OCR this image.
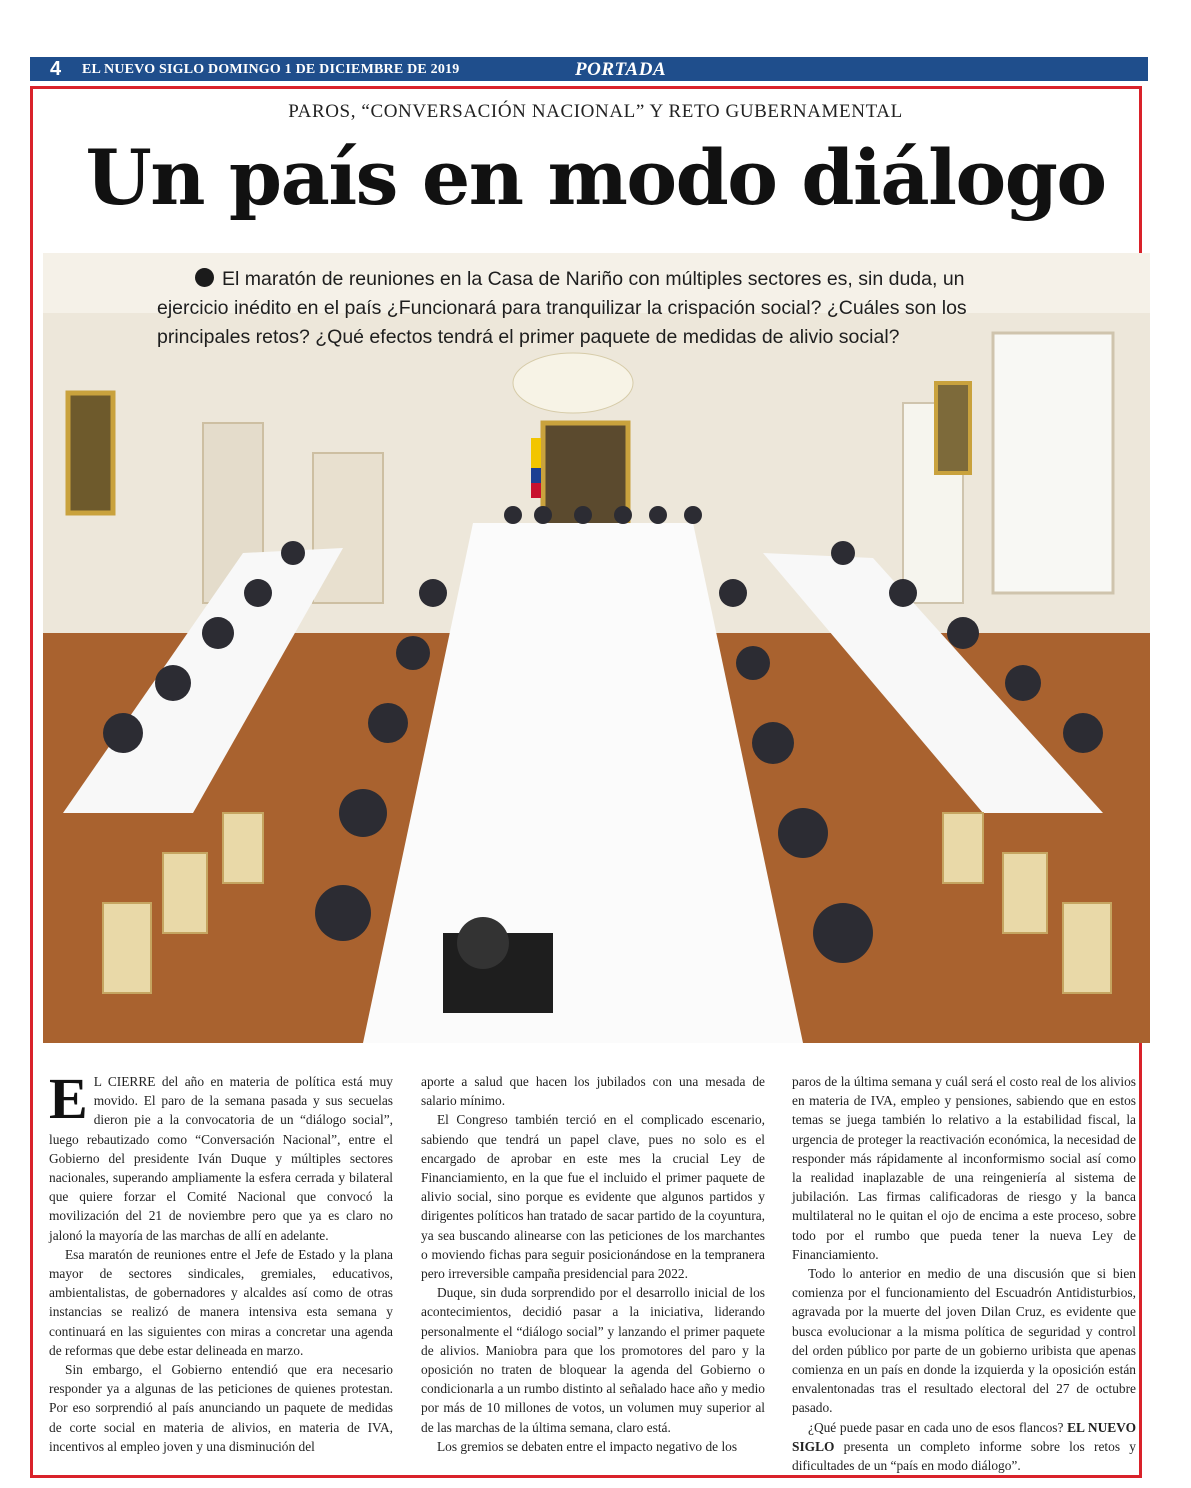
4 EL NUEVO SIGLO DOMINGO 1 DE DICIEMBRE DE 2019	PORTADA
PAROS, “CONVERSACIÓN NACIONAL” Y RETO GUBERNAMENTAL
Un país en modo diálogo
El maratón de reuniones en la Casa de Nariño con múltiples sectores es, sin duda, un ejercicio inédito en el país ¿Funcionará para tranquilizar la crispación social? ¿Cuáles son los principales retos? ¿Qué efectos tendrá el primer paquete de medidas de alivio social?

E L CIERRE del año en materia de política está muy movido. El paro de la semana pasada y sus secuelas dieron pie a la convocatoria de un “diálogo social”, luego rebautizado como “Conversación Nacional”, entre el Gobierno del presidente Iván Duque y múltiples sectores nacionales, superando ampliamente la esfera cerrada y bilateral que quiere forzar el Comité Nacional que convocó la movilización del 21 de noviembre pero que ya es claro no jalonó la mayoría de las marchas de allí en adelante.

Esa maratón de reuniones entre el Jefe de Estado y la plana mayor de sectores sindicales, gremiales, educativos, ambientalistas, de gobernadores y alcaldes así como de otras instancias se realizó de manera intensiva esta semana y continuará en las siguientes con miras a concretar una agenda de reformas que debe estar delineada en marzo.

Sin embargo, el Gobierno entendió que era necesario responder ya a algunas de las peticiones de quienes protestan. Por eso sorprendió al país anunciando un paquete de medidas de corte social en materia de alivios, en materia de IVA, incentivos al empleo joven y una disminución del

aporte a salud que hacen los jubilados con una mesada de salario mínimo.

El Congreso también terció en el complicado escenario, sabiendo que tendrá un papel clave, pues no solo es el encargado de aprobar en este mes la crucial Ley de Financiamiento, en la que fue el incluido el primer paquete de alivio social, sino porque es evidente que algunos partidos y dirigentes políticos han tratado de sacar partido de la coyuntura, ya sea buscando alinearse con las peticiones de los marchantes o moviendo fichas para seguir posicionándose en la tempranera pero irreversible campaña presidencial para 2022.

Duque, sin duda sorprendido por el desarrollo inicial de los acontecimientos, decidió pasar a la iniciativa, liderando personalmente el “diálogo social” y lanzando el primer paquete de alivios. Maniobra para que los promotores del paro y la oposición no traten de bloquear la agenda del Gobierno o condicionarla a un rumbo distinto al señalado hace año y medio por más de 10 millones de votos, un volumen muy superior al de las marchas de la última semana, claro está.

Los gremios se debaten entre el impacto negativo de los

paros de la última semana y cuál será el costo real de los alivios en materia de IVA, empleo y pensiones, sabiendo que en estos temas se juega también lo relativo a la estabilidad fiscal, la urgencia de proteger la reactivación económica, la necesidad de responder más rápidamente al inconformismo social así como la realidad inaplazable de una reingeniería al sistema de jubilación. Las firmas calificadoras de riesgo y la banca multilateral no le quitan el ojo de encima a este proceso, sobre todo por el rumbo que pueda tener la nueva Ley de Financiamiento.

Todo lo anterior en medio de una discusión que si bien comienza por el funcionamiento del Escuadrón Antidisturbios, agravada por la muerte del joven Dilan Cruz, es evidente que busca evolucionar a la misma política de seguridad y control del orden público por parte de un gobierno uribista que apenas comienza en un país en donde la izquierda y la oposición están envalentonadas tras el resultado electoral del 27 de octubre pasado.

¿Qué puede pasar en cada uno de esos flancos? EL NUEVO SIGLO presenta un completo informe sobre los retos y dificultades de un “país en modo diálogo”.
